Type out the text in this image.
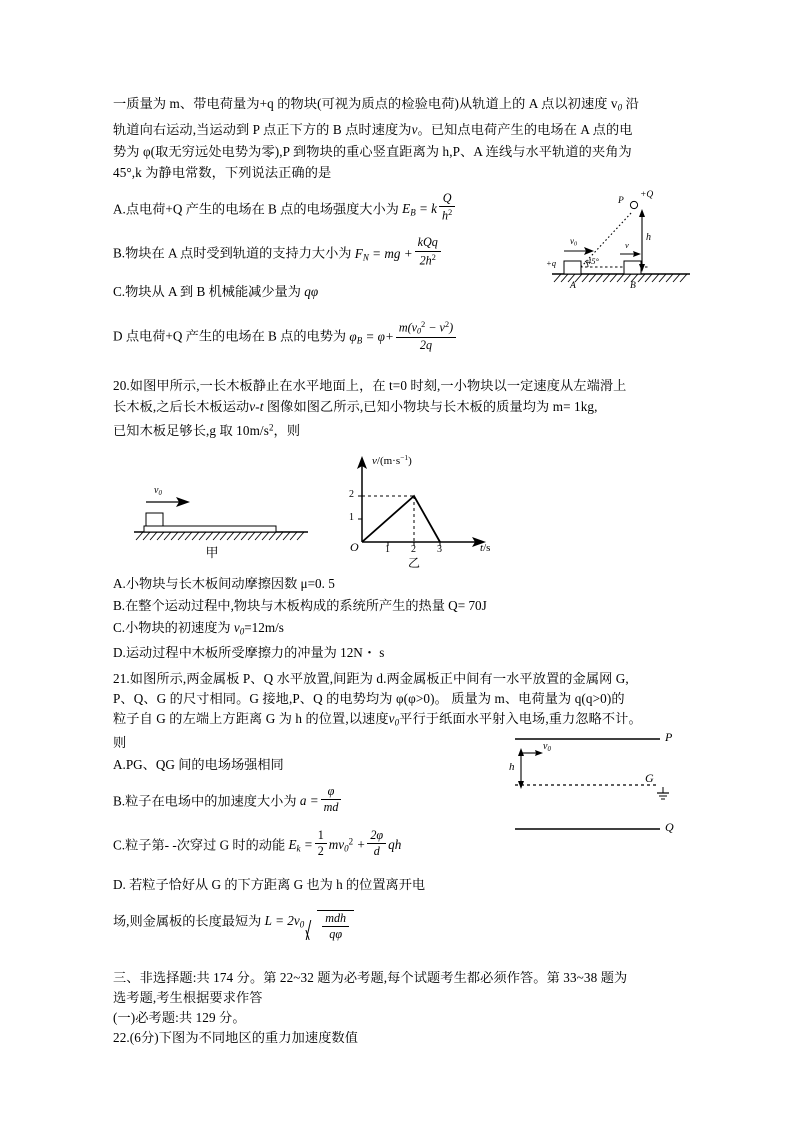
P
+Q
h
$v_0$	v
+q	45°
A	B
$v_0$
甲
$v/(m\cdot s^{-1})$
t/s
O
1
2
1 2 3
乙
P
G
Q
h
$v_0$
一质量为 m、带电荷量为+q 的物块(可视为质点的检验电荷)从轨道上的 A 点以初速度 $v_0$ 沿
轨道向右运动,当运动到 P 点正下方的 B 点时速度为v。已知点电荷产生的电场在 A 点的电
势为 φ(取无穷远处电势为零),P 到物块的重心竖直距离为 h,P、A 连线与水平轨道的夹角为
45°,k 为静电常数，下列说法正确的是
A.点电荷+Q 产生的电场在 B 点的电场强度大小为 $E_B = k \frac{Q}{h^2}$
B.物块在 A 点时受到轨道的支持力大小为 $F_N$ = mg + $\frac{\text{kQq}}{2h^2}$
C.物块从 A 到 B 机械能减少量为 qφ
D 点电荷+Q 产生的电场在 B 点的电势为 $\varphi_B = \varphi+ \frac{m(v_0^2 - v^2)}{2q}$
20.如图甲所示,一长木板静止在水平地面上，在 t=0 时刻,一小物块以一定速度从左端滑上
长木板,之后长木板运动v-t 图像如图乙所示,已知小物块与长木板的质量均为 m= 1kg,
已知木板足够长,g 取 $10m/s^2$，则
A.小物块与长木板间动摩擦因数 μ=0. 5
B.在整个运动过程中,物块与木板构成的系统所产生的热量 Q= 70J
C.小物块的初速度为 $v_0=12m/s$
D.运动过程中木板所受摩擦力的冲量为 12N・ s
21.如图所示,两金属板 P、Q 水平放置,间距为 d.两金属板正中间有一水平放置的金属网 G,
P、Q、G 的尺寸相同。G 接地,P、Q 的电势均为 φ(φ>0)。 质量为 m、电荷量为 q(q>0)的
粒子自 G 的左端上方距离 G 为 h 的位置,以速度$v_0$平行于纸面水平射入电场,重力忽略不计。
则
A.PG、QG 间的电场场强相同
B.粒子在电场中的加速度大小为 $a = \frac{\varphi}{md}$
C.粒子第- -次穿过 G 时的动能 $E_k = \frac{1}{2} mv_0^2 + \frac{2\varphi}{d}$ qh
D. 若粒子恰好从 G 的下方距离 G 也为 h 的位置离开电
场,则金属板的长度最短为 $L = 2v_0 \frac{\text{mdh}}{q\varphi}$
三、非选择题:共 174 分。第 22~32 题为必考题,每个试题考生都必须作答。第 33~38 题为
选考题,考生根据要求作答
(一)必考题:共 129 分。
22.(6分)下图为不同地区的重力加速度数值
